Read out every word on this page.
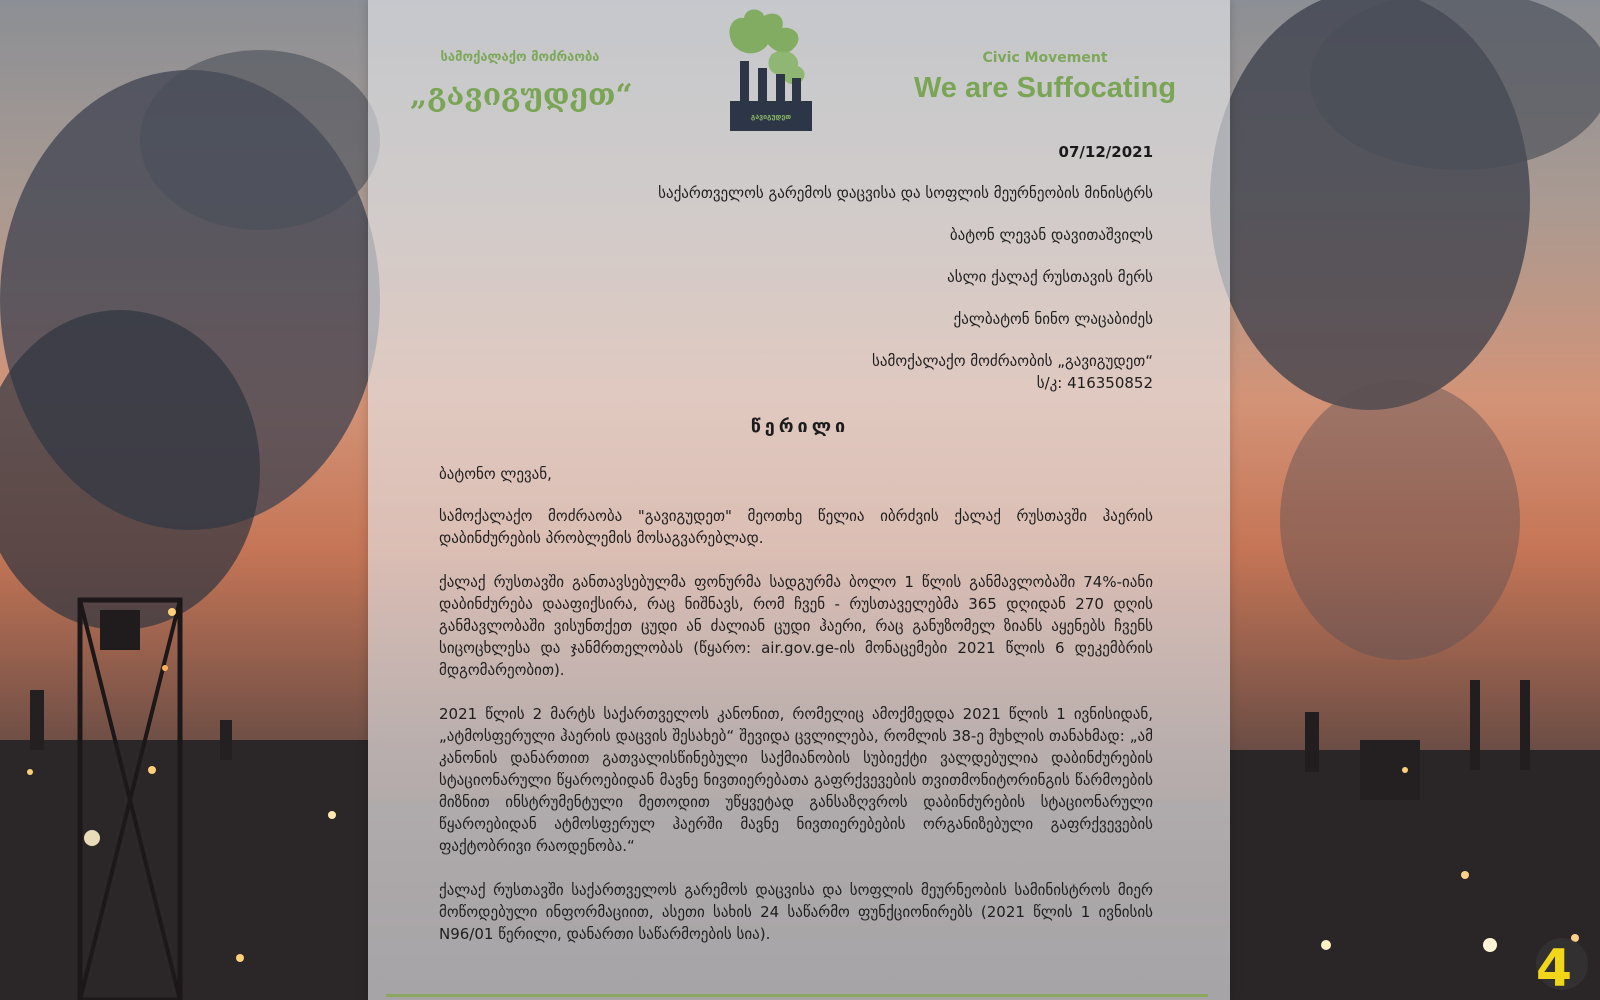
სამოქალაქო მოძრაობა
„გავიგუდეთ“
Civic Movement
We are Suffocating
გავიგუდეთ
07/12/2021
საქართველოს გარემოს დაცვისა და სოფლის მეურნეობის მინისტრს
ბატონ ლევან დავითაშვილს
ასლი ქალაქ რუსთავის მერს
ქალბატონ ნინო ლაცაბიძეს
სამოქალაქო მოძრაობის „გავიგუდეთ“
ს/კ: 416350852
წერილი
ბატონო ლევან,
სამოქალაქო მოძრაობა "გავიგუდეთ" მეოთხე წელია იბრძვის ქალაქ რუსთავში ჰაერის დაბინძურების პრობლემის მოსაგვარებლად.
ქალაქ რუსთავში განთავსებულმა ფონურმა სადგურმა ბოლო 1 წლის განმავლობაში 74%-იანი დაბინძურება დააფიქსირა, რაც ნიშნავს, რომ ჩვენ - რუსთაველებმა 365 დღიდან 270 დღის განმავლობაში ვისუნთქეთ ცუდი ან ძალიან ცუდი ჰაერი, რაც განუზომელ ზიანს აყენებს ჩვენს სიცოცხლესა და ჯანმრთელობას (წყარო: air.gov.ge-ის მონაცემები 2021 წლის 6 დეკემბრის მდგომარეობით).
2021 წლის 2 მარტს საქართველოს კანონით, რომელიც ამოქმედდა 2021 წლის 1 ივნისიდან, „ატმოსფერული ჰაერის დაცვის შესახებ“ შევიდა ცვლილება, რომლის 38-ე მუხლის თანახმად: „ამ კანონის დანართით გათვალისწინებული საქმიანობის სუბიექტი ვალდებულია დაბინძურების სტაციონარული წყაროებიდან მავნე ნივთიერებათა გაფრქვევების თვითმონიტორინგის წარმოების მიზნით ინსტრუმენტული მეთოდით უწყვეტად განსაზღვროს დაბინძურების სტაციონარული წყაროებიდან ატმოსფერულ ჰაერში მავნე ნივთიერებების ორგანიზებული გაფრქვევების ფაქტობრივი რაოდენობა.“
ქალაქ რუსთავში საქართველოს გარემოს დაცვისა და სოფლის მეურნეობის სამინისტროს მიერ მოწოდებული ინფორმაციით, ასეთი სახის 24 საწარმო ფუნქციონირებს (2021 წლის 1 ივნისის N96/01 წერილი, დანართი საწარმოების სია).
4
